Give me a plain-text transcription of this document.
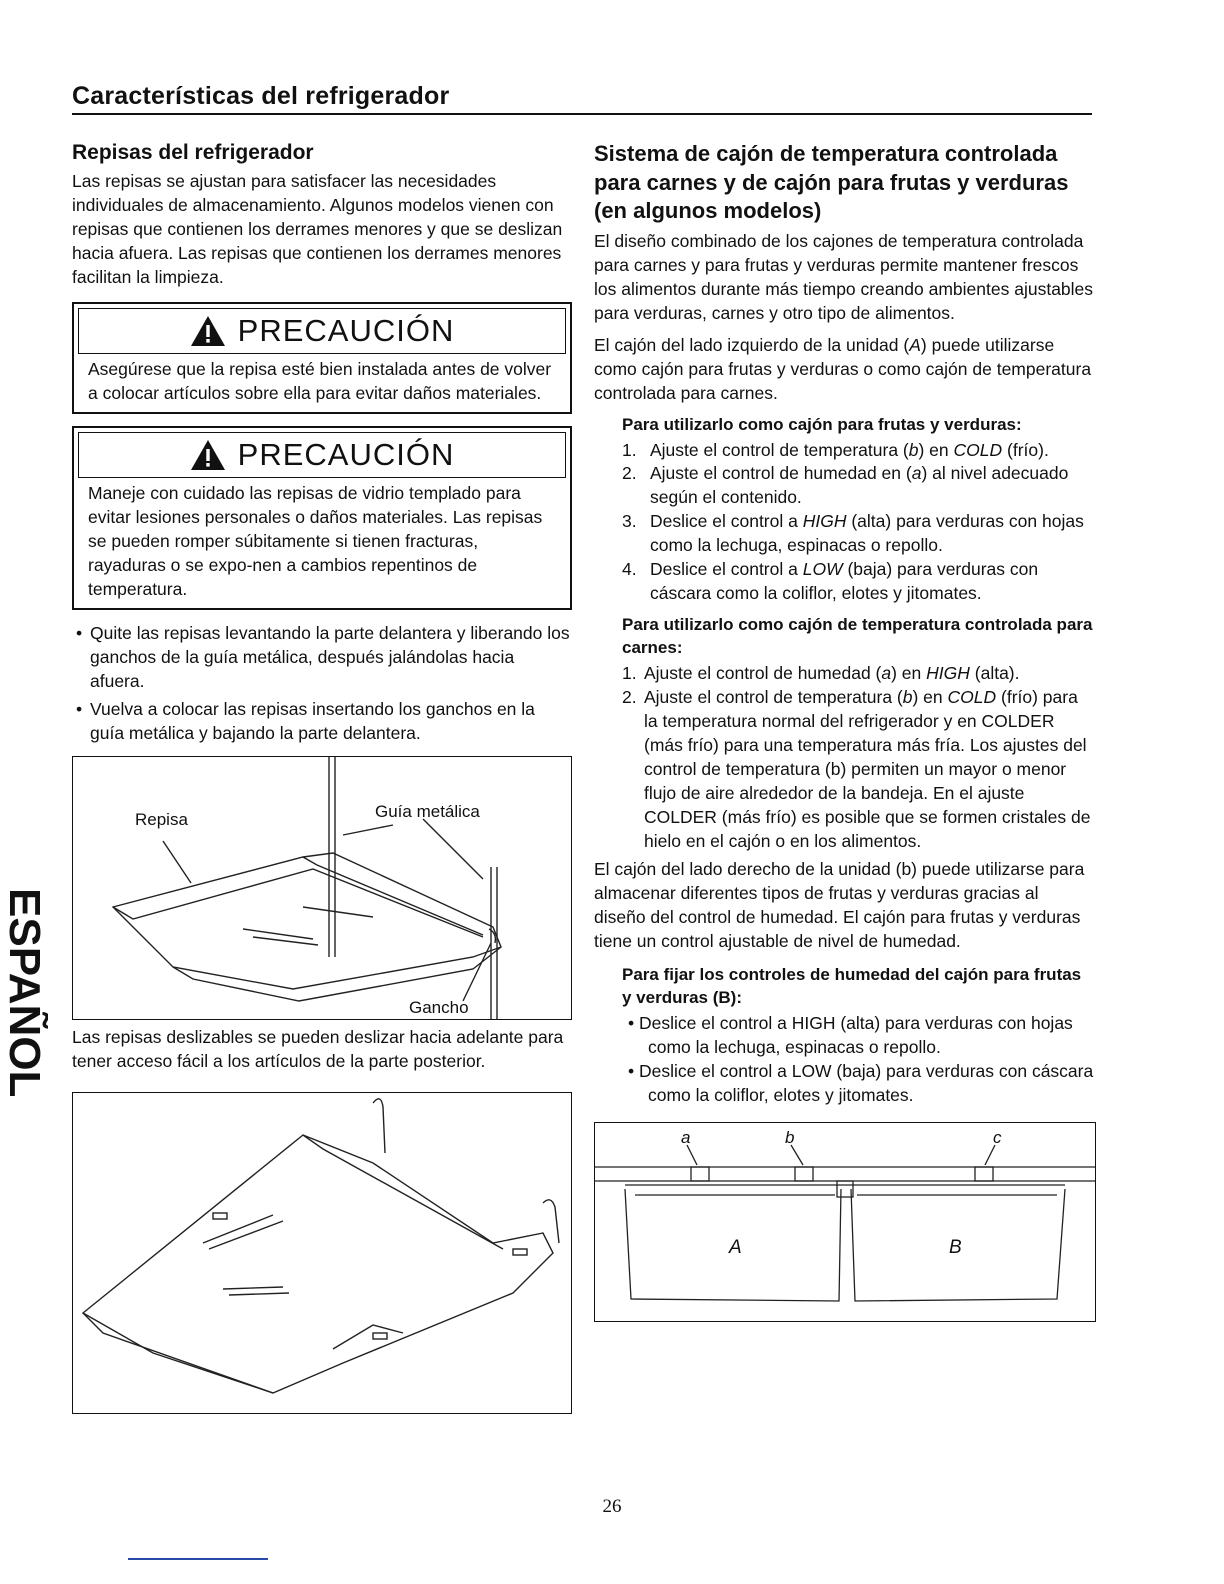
Características del refrigerador
Repisas del refrigerador

Las repisas se ajustan para satisfacer las necesidades individuales de almacenamiento. Algunos modelos vienen con repisas que contienen los derrames menores y que se deslizan hacia afuera. Las repisas que contienen los derrames menores facilitan la limpieza.

PRECAUCIÓN
Asegúrese que la repisa esté bien instalada antes de volver a colocar artículos sobre ella para evitar daños materiales.
PRECAUCIÓN
Maneje con cuidado las repisas de vidrio templado para evitar lesiones personales o daños materiales. Las repisas se pueden romper súbitamente si tienen fracturas, rayaduras o se expo-nen a cambios repentinos de temperatura.
• Quite las repisas levantando la parte delantera y liberando los ganchos de la guía metálica, después jalándolas hacia afuera.
• Vuelva a colocar las repisas insertando los ganchos en la guía metálica y bajando la parte delantera.
Repisa	Guía metálica
Gancho

Las repisas deslizables se pueden deslizar hacia adelante para tener acceso fácil a los artículos de la parte posterior.

Sistema de cajón de temperatura controlada para carnes y de cajón para frutas y verduras (en algunos modelos)

El diseño combinado de los cajones de temperatura controlada para carnes y para frutas y verduras permite mantener frescos los alimentos durante más tiempo creando ambientes ajustables para verduras, carnes y otro tipo de alimentos.

El cajón del lado izquierdo de la unidad (A) puede utilizarse como cajón para frutas y verduras o como cajón de temperatura controlada para carnes.

Para utilizarlo como cajón para frutas y verduras:
1. Ajuste el control de temperatura (b) en COLD (frío).
2. Ajuste el control de humedad en (a) al nivel adecuado según el contenido.
3. Deslice el control a HIGH (alta) para verduras con hojas como la lechuga, espinacas o repollo.
4. Deslice el control a LOW (baja) para verduras con cáscara como la coliflor, elotes y jitomates.
Para utilizarlo como cajón de temperatura controlada para carnes:
1. Ajuste el control de humedad (a) en HIGH (alta).
2. Ajuste el control de temperatura (b) en COLD (frío) para la temperatura normal del refrigerador y en COLDER (más frío) para una temperatura más fría. Los ajustes del control de temperatura (b) permiten un mayor o menor flujo de aire alrededor de la bandeja. En el ajuste COLDER (más frío) es posible que se formen cristales de hielo en el cajón o en los alimentos.

El cajón del lado derecho de la unidad (b) puede utilizarse para almacenar diferentes tipos de frutas y verduras gracias al diseño del control de humedad. El cajón para frutas y verduras tiene un control ajustable de nivel de humedad.

Para fijar los controles de humedad del cajón para frutas y verduras (B):
• Deslice el control a HIGH (alta) para verduras con hojas como la lechuga, espinacas o repollo.
• Deslice el control a LOW (baja) para verduras con cáscara como la coliflor, elotes y jitomates.
a	b	c
A	B
ESPAÑOL
26
